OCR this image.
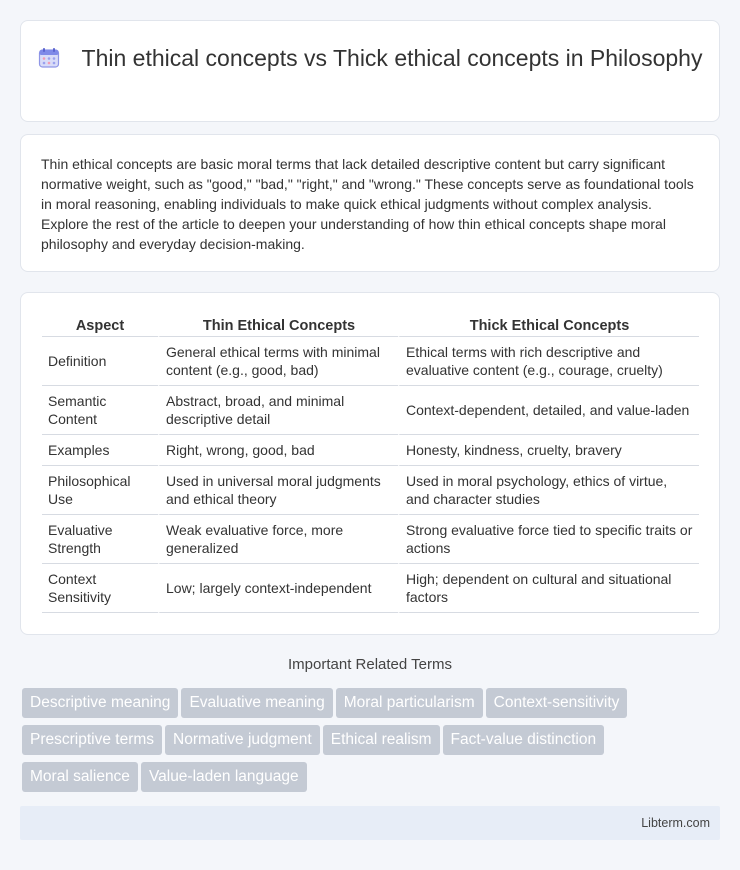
Thin ethical concepts vs Thick ethical concepts in Philosophy

Thin ethical concepts are basic moral terms that lack detailed descriptive content but carry significant normative weight, such as "good," "bad," "right," and "wrong." These concepts serve as foundational tools in moral reasoning, enabling individuals to make quick ethical judgments without complex analysis. Explore the rest of the article to deepen your understanding of how thin ethical concepts shape moral philosophy and everyday decision-making.

Aspect	Thin Ethical Concepts	Thick Ethical Concepts
Definition	General ethical terms with minimal content (e.g., good, bad)	Ethical terms with rich descriptive and evaluative content (e.g., courage, cruelty)
Semantic Content	Abstract, broad, and minimal descriptive detail	Context-dependent, detailed, and value-laden
Examples	Right, wrong, good, bad	Honesty, kindness, cruelty, bravery
Philosophical Use	Used in universal moral judgments and ethical theory	Used in moral psychology, ethics of virtue, and character studies
Evaluative Strength	Weak evaluative force, more generalized	Strong evaluative force tied to specific traits or actions
Context Sensitivity	Low; largely context-independent	High; dependent on cultural and situational factors
Important Related Terms
Descriptive meaning Evaluative meaning Moral particularism Context-sensitivity
Prescriptive terms Normative judgment Ethical realism Fact-value distinction
Moral salience Value-laden language
Libterm.com
